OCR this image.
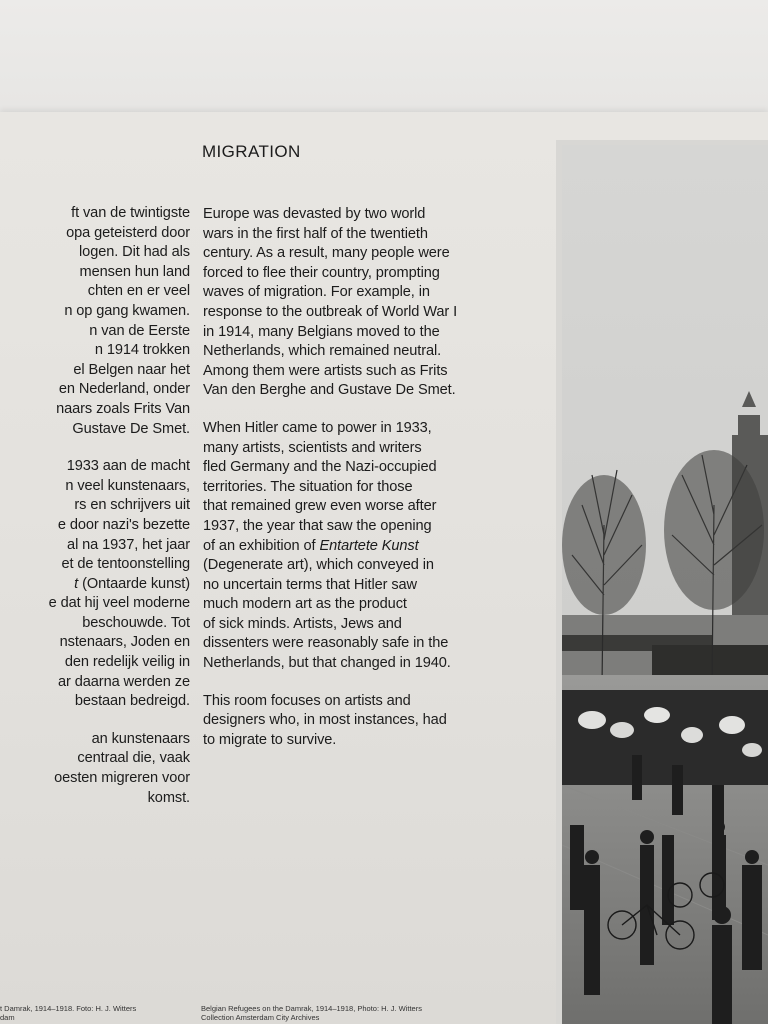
MIGRATION

ft van de twintigste
opa geteisterd door
logen. Dit had als
mensen hun land
chten en er veel
n op gang kwamen.
n van de Eerste
n 1914 trokken
el Belgen naar het
en Nederland, onder
naars zoals Frits Van
Gustave De Smet.

1933 aan de macht
n veel kunstenaars,
rs en schrijvers uit
e door nazi's bezette
al na 1937, het jaar
et de tentoonstelling
t (Ontaarde kunst)
e dat hij veel moderne
beschouwde. Tot
nstenaars, Joden en
den redelijk veilig in
ar daarna werden ze
bestaan bedreigd.

an kunstenaars
centraal die, vaak
oesten migreren voor
komst.

Europe was devasted by two world
wars in the first half of the twentieth
century. As a result, many people were
forced to flee their country, prompting
waves of migration. For example, in
response to the outbreak of World War I
in 1914, many Belgians moved to the
Netherlands, which remained neutral.
Among them were artists such as Frits
Van den Berghe and Gustave De Smet.

When Hitler came to power in 1933,
many artists, scientists and writers
fled Germany and the Nazi-occupied
territories. The situation for those
that remained grew even worse after
1937, the year that saw the opening
of an exhibition of Entartete Kunst
(Degenerate art), which conveyed in
no uncertain terms that Hitler saw
much modern art as the product
of sick minds. Artists, Jews and
dissenters were reasonably safe in the
Netherlands, but that changed in 1940.

This room focuses on artists and
designers who, in most instances, had
to migrate to survive.

t Damrak, 1914–1918. Foto: H. J. Witters
dam
Belgian Refugees on the Damrak, 1914–1918, Photo: H. J. Witters
Collection Amsterdam City Archives
